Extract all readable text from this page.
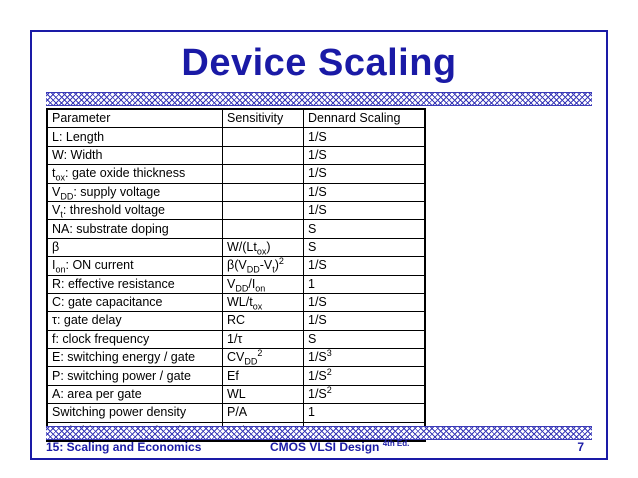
Device Scaling
Parameter	Sensitivity	Dennard Scaling
L: Length		1/S
W: Width		1/S
$t_{ox}$: gate oxide thickness		1/S
$V_{DD}$: supply voltage		1/S
$V_t$: threshold voltage		1/S
NA: substrate doping		S
β	$W/(Lt_{ox})$	S
$I_{on}$: ON current	$\beta(V_{DD}-V_t)^2$	1/S
R: effective resistance	$V_{DD}/I_{on}$	1
C: gate capacitance	$WL/t_{ox}$	1/S
τ: gate delay	RC	1/S
f: clock frequency	1/τ	S
E: switching energy / gate	$CV_{DD}^2$	$1/S^3$
P: switching power / gate	Ef	$1/S^2$
A: area per gate	WL	$1/S^2$
Switching power density	P/A	1

15: Scaling and Economics	CMOS VLSI Design $^{4th Ed.}$	7
